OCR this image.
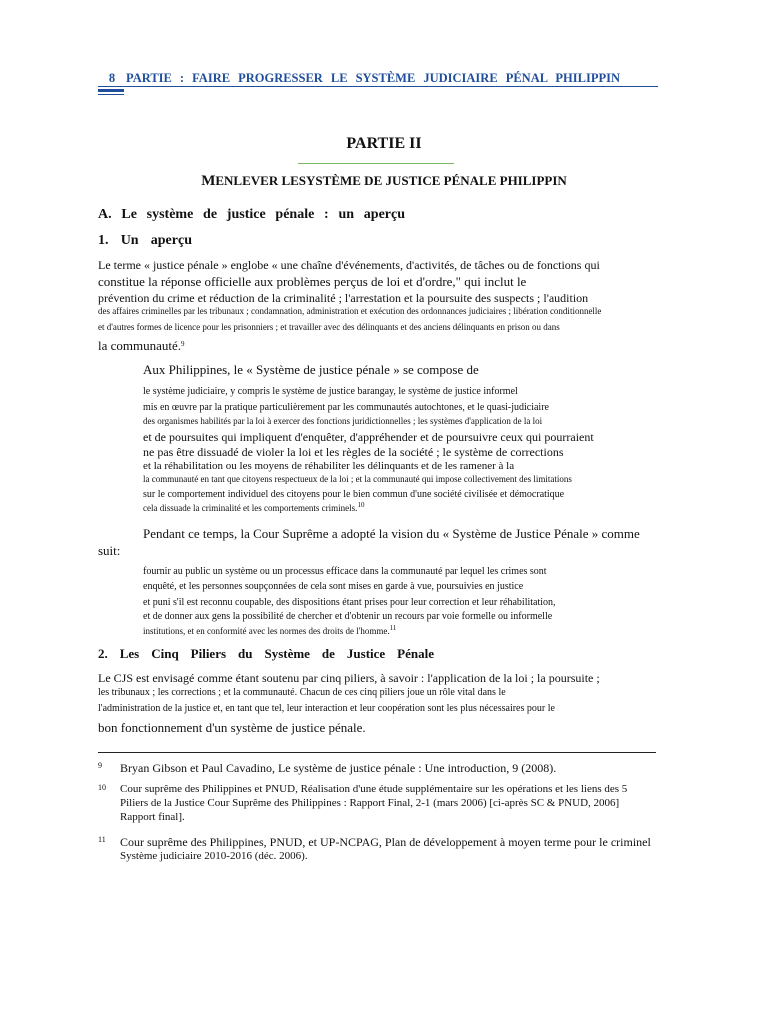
8 PARTIE : FAIRE PROGRESSER LE SYSTÈME JUDICIAIRE PÉNAL PHILIPPIN
PARTIE II
MENLEVER LESYSTÈME DE JUSTICE PÉNALE PHILIPPIN
A. Le système de justice pénale : un aperçu
1. Un aperçu
Le terme « justice pénale » englobe « une chaîne d'événements, d'activités, de tâches ou de fonctions qui
constitue la réponse officielle aux problèmes perçus de loi et d'ordre," qui inclut le
prévention du crime et réduction de la criminalité ; l'arrestation et la poursuite des suspects ; l'audition
des affaires criminelles par les tribunaux ; condamnation, administration et exécution des ordonnances judiciaires ; libération conditionnelle
et d'autres formes de licence pour les prisonniers ; et travailler avec des délinquants et des anciens délinquants en prison ou dans
la communauté.$^9$
Aux Philippines, le « Système de justice pénale » se compose de
le système judiciaire, y compris le système de justice barangay, le système de justice informel
mis en œuvre par la pratique particulièrement par les communautés autochtones, et le quasi-judiciaire
des organismes habilités par la loi à exercer des fonctions juridictionnelles ; les systèmes d'application de la loi
et de poursuites qui impliquent d'enquêter, d'appréhender et de poursuivre ceux qui pourraient
ne pas être dissuadé de violer la loi et les règles de la société ; le système de corrections
et la réhabilitation ou les moyens de réhabiliter les délinquants et de les ramener à la
la communauté en tant que citoyens respectueux de la loi ; et la communauté qui impose collectivement des limitations
sur le comportement individuel des citoyens pour le bien commun d'une société civilisée et démocratique
cela dissuade la criminalité et les comportements criminels.$^{10}$
Pendant ce temps, la Cour Suprême a adopté la vision du « Système de Justice Pénale » comme
suit:
fournir au public un système ou un processus efficace dans la communauté par lequel les crimes sont
enquêté, et les personnes soupçonnées de cela sont mises en garde à vue, poursuivies en justice
et puni s'il est reconnu coupable, des dispositions étant prises pour leur correction et leur réhabilitation,
et de donner aux gens la possibilité de chercher et d'obtenir un recours par voie formelle ou informelle
institutions, et en conformité avec les normes des droits de l'homme.$^{11}$
2. Les Cinq Piliers du Système de Justice Pénale
Le CJS est envisagé comme étant soutenu par cinq piliers, à savoir : l'application de la loi ; la poursuite ;
les tribunaux ; les corrections ; et la communauté. Chacun de ces cinq piliers joue un rôle vital dans le
l'administration de la justice et, en tant que tel, leur interaction et leur coopération sont les plus nécessaires pour le
bon fonctionnement d'un système de justice pénale.
9 Bryan Gibson et Paul Cavadino, Le système de justice pénale : Une introduction, 9 (2008).
10 Cour suprême des Philippines et PNUD, Réalisation d'une étude supplémentaire sur les opérations et les liens des 5
Piliers de la Justice Cour Suprême des Philippines : Rapport Final, 2-1 (mars 2006) [ci-après SC & PNUD, 2006]
Rapport final].
11 Cour suprême des Philippines, PNUD, et UP-NCPAG, Plan de développement à moyen terme pour le criminel
Système judiciaire 2010-2016 (déc. 2006).
